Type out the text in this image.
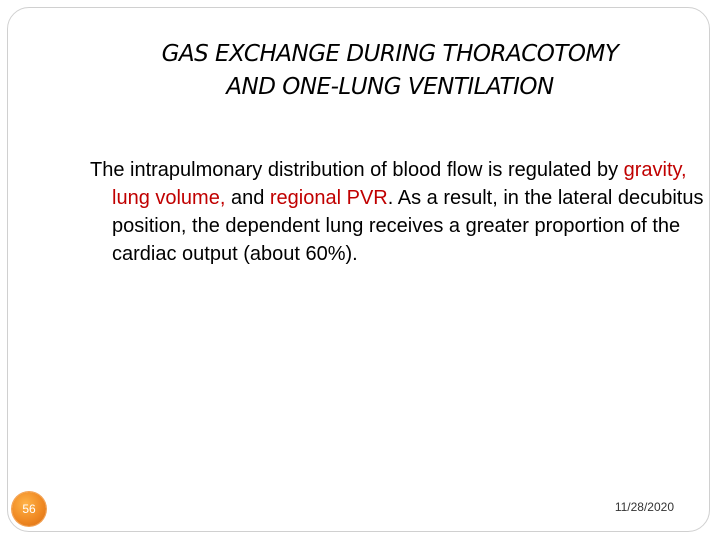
GAS EXCHANGE DURING THORACOTOMY
AND ONE-LUNG VENTILATION
The intrapulmonary distribution of blood flow is regulated by gravity, lung volume, and regional PVR. As a result, in the lateral decubitus position, the dependent lung receives a greater proportion of the cardiac output (about 60%).
56	11/28/2020
